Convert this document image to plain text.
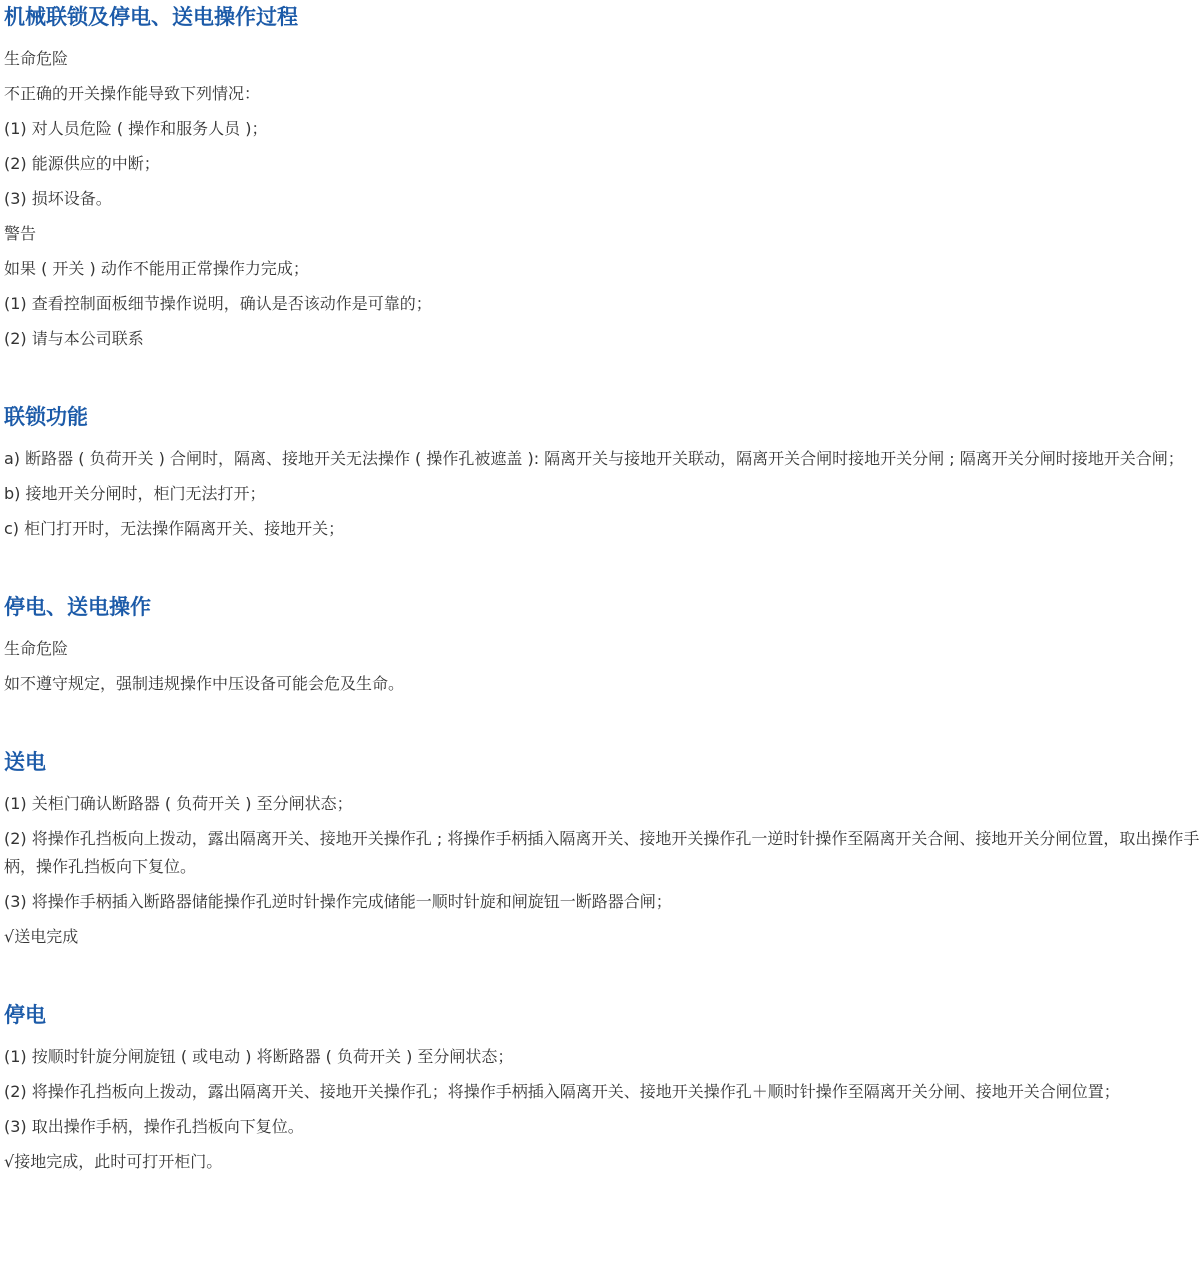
机械联锁及停电、送电操作过程

生命危险

不正确的开关操作能导致下列情况：

(1) 对人员危险 ( 操作和服务人员 )；

(2) 能源供应的中断；

(3) 损坏设备。

警告

如果 ( 开关 ) 动作不能用正常操作力完成；

(1) 查看控制面板细节操作说明，确认是否该动作是可靠的；

(2) 请与本公司联系

联锁功能

a) 断路器 ( 负荷开关 ) 合闸时，隔离、接地开关无法操作 ( 操作孔被遮盖 ): 隔离开关与接地开关联动，隔离开关合闸时接地开关分闸 ; 隔离开关分闸时接地开关合闸；

b) 接地开关分闸时，柜门无法打开；

c) 柜门打开时，无法操作隔离开关、接地开关；

停电、送电操作

生命危险

如不遵守规定，强制违规操作中压设备可能会危及生命。

送电

(1) 关柜门确认断路器 ( 负荷开关 ) 至分闸状态；

(2) 将操作孔挡板向上拨动，露出隔离开关、接地开关操作孔 ; 将操作手柄插入隔离开关、接地开关操作孔一逆时针操作至隔离开关合闸、接地开关分闸位置，取出操作手柄，操作孔挡板向下复位。

(3) 将操作手柄插入断路器储能操作孔逆时针操作完成储能一顺时针旋和闸旋钮一断路器合闸；

√送电完成

停电

(1) 按顺时针旋分闸旋钮 ( 或电动 ) 将断路器 ( 负荷开关 ) 至分闸状态；

(2) 将操作孔挡板向上拨动，露出隔离开关、接地开关操作孔；将操作手柄插入隔离开关、接地开关操作孔＋顺时针操作至隔离开关分闸、接地开关合闸位置；

(3) 取出操作手柄，操作孔挡板向下复位。

√接地完成，此时可打开柜门。
